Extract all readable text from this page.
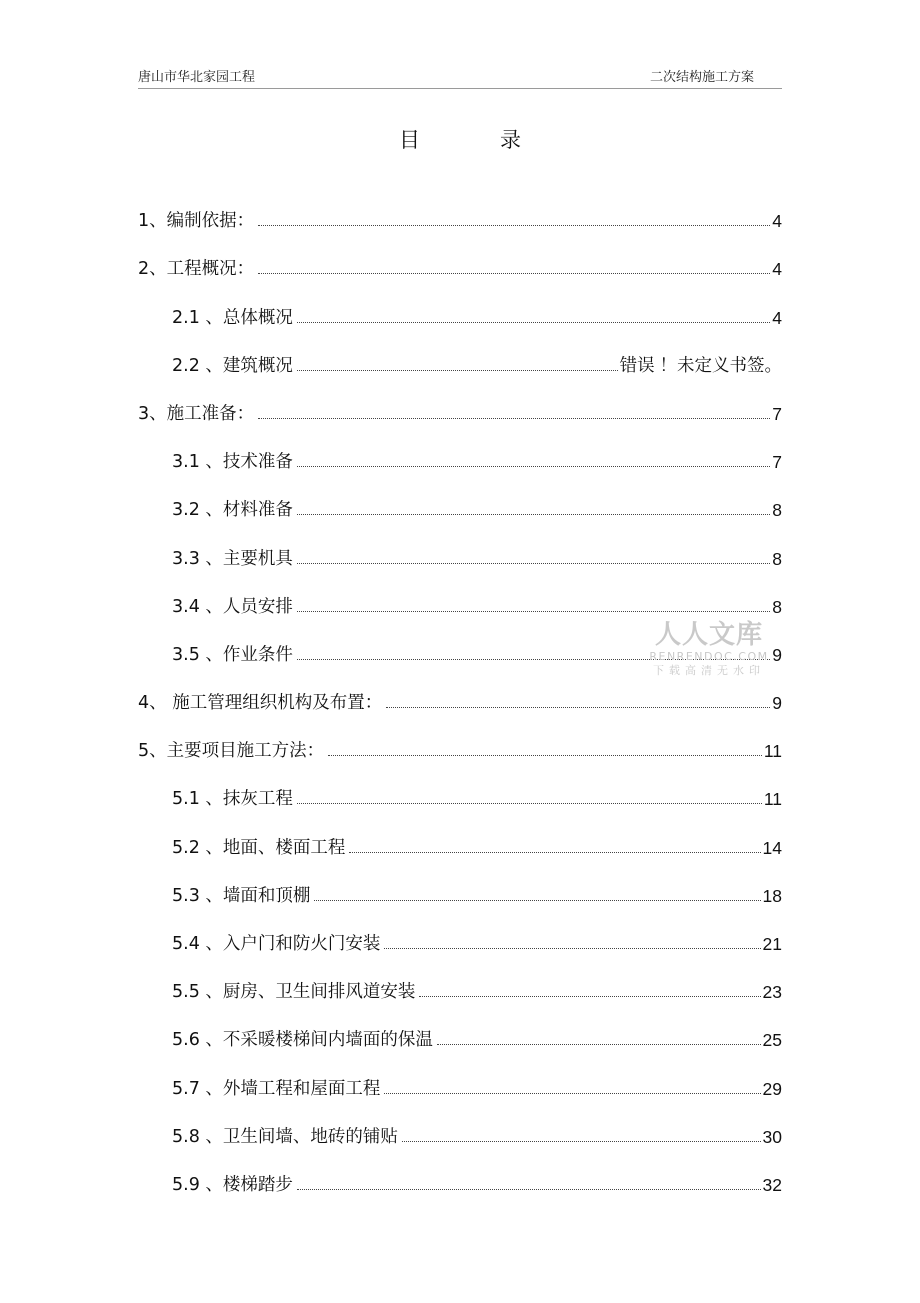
唐山市华北家园工程	二次结构施工方案
目	录
1、编制依据：	4
2、工程概况：	4
2.1 、总体概况	4
2.2 、建筑概况	错误 ！未定义书签。
3、施工准备：	7
3.1 、技术准备	7
3.2 、材料准备	8
3.3 、主要机具	8
3.4 、人员安排	8
3.5 、作业条件	9
4、 施工管理组织机构及布置：	9
5、主要项目施工方法：	11
5.1 、抹灰工程	11
5.2 、地面、楼面工程	14
5.3 、墙面和顶棚	18
5.4 、入户门和防火门安装	21
5.5 、厨房、卫生间排风道安装	23
5.6 、不采暖楼梯间内墙面的保温	25
5.7 、外墙工程和屋面工程	29
5.8 、卫生间墙、地砖的铺贴	30
5.9 、楼梯踏步	32
人人文库
RENRENDOC.COM
下载高清无水印
